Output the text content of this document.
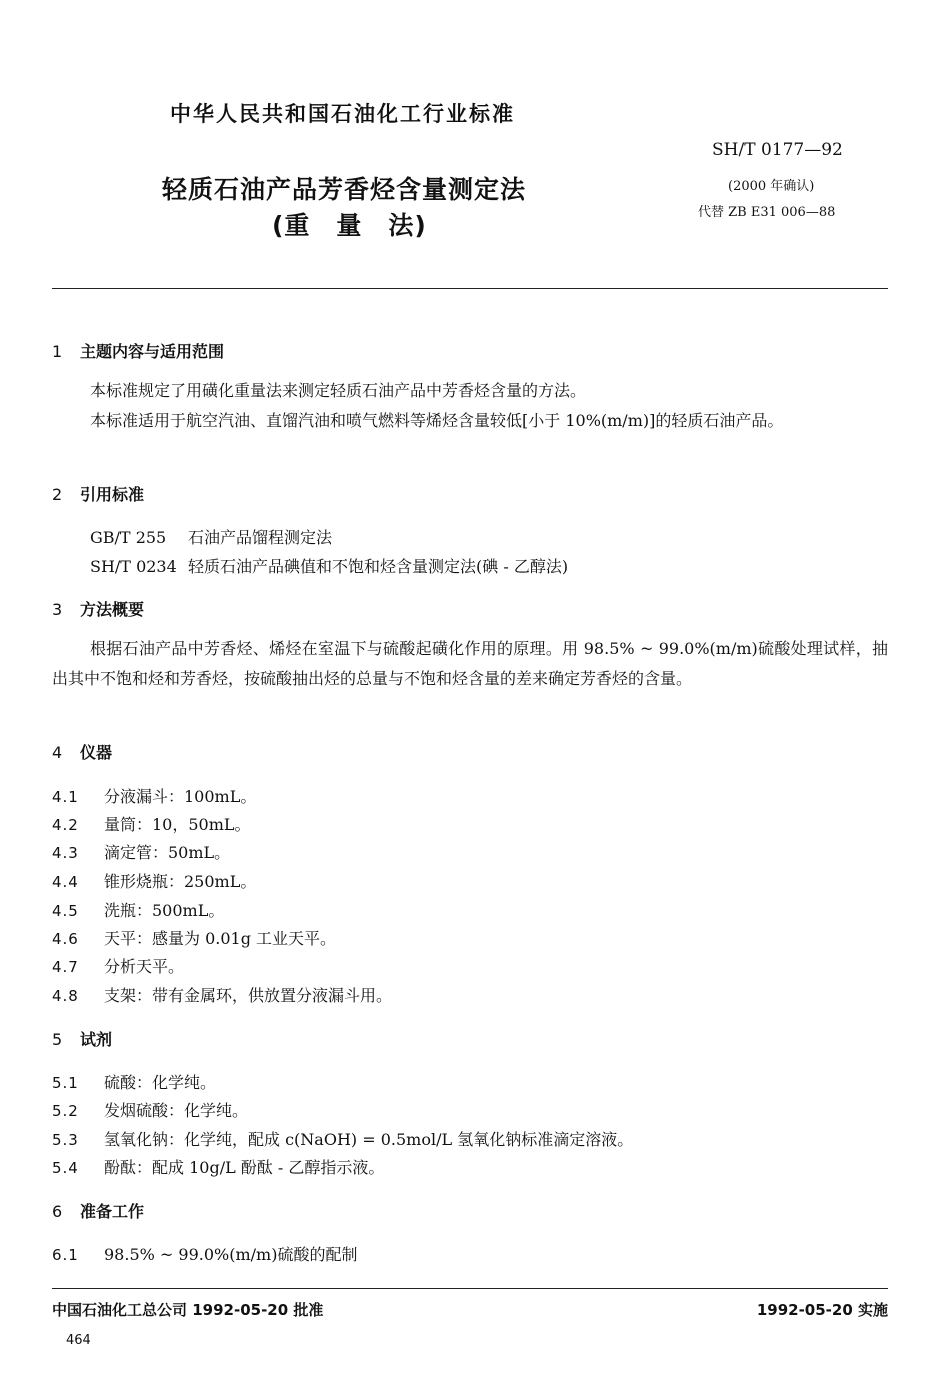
中华人民共和国石油化工行业标准
SH/T 0177—92
轻质石油产品芳香烃含量测定法
(重　量　法)
(2000 年确认)
代替 ZB E31 006—88
1 主题内容与适用范围
本标准规定了用磺化重量法来测定轻质石油产品中芳香烃含量的方法。
本标准适用于航空汽油、直馏汽油和喷气燃料等烯烃含量较低[小于 10%(m/m)]的轻质石油产品。
2 引用标准
GB/T 255 石油产品馏程测定法
SH/T 0234 轻质石油产品碘值和不饱和烃含量测定法(碘 - 乙醇法)
3 方法概要
根据石油产品中芳香烃、烯烃在室温下与硫酸起磺化作用的原理。用 98.5% ~ 99.0%(m/m)硫酸处理试样，抽出其中不饱和烃和芳香烃，按硫酸抽出烃的总量与不饱和烃含量的差来确定芳香烃的含量。
4 仪器
4.1 分液漏斗：100mL。
4.2 量筒：10，50mL。
4.3 滴定管：50mL。
4.4 锥形烧瓶：250mL。
4.5 洗瓶：500mL。
4.6 天平：感量为 0.01g 工业天平。
4.7 分析天平。
4.8 支架：带有金属环，供放置分液漏斗用。
5 试剂
5.1 硫酸：化学纯。
5.2 发烟硫酸：化学纯。
5.3 氢氧化钠：化学纯，配成 c(NaOH) = 0.5mol/L 氢氧化钠标准滴定溶液。
5.4 酚酞：配成 10g/L 酚酞 - 乙醇指示液。
6 准备工作
6.1 98.5% ~ 99.0%(m/m)硫酸的配制
中国石油化工总公司 1992-05-20 批准	1992-05-20 实施
464
